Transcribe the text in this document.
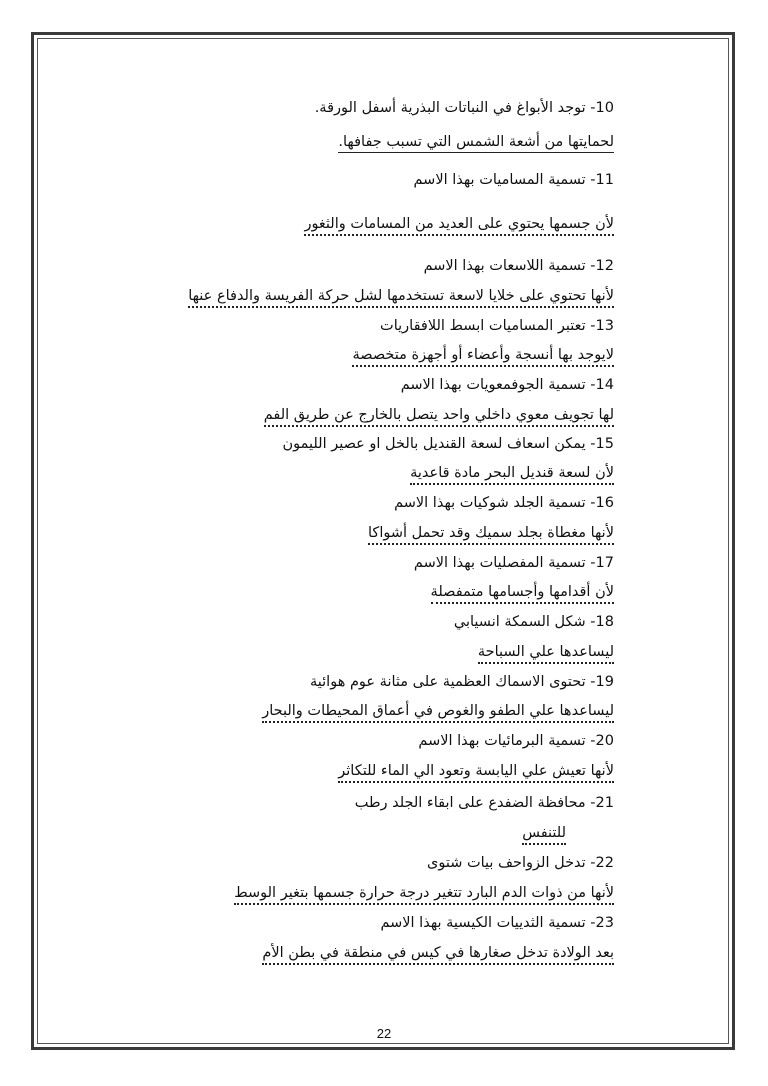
10- توجد الأبواغ في النباتات البذرية أسفل الورقة.
لحمايتها من أشعة الشمس التي تسبب جفافها.
11- تسمية المساميات بهذا الاسم
لأن جسمها يحتوي على العديد من المسامات والثغور
12- تسمية اللاسعات بهذا الاسم
لأنها تحتوي على خلايا لاسعة تستخدمها لشل حركة الفريسة والدفاع عنها
13- تعتبر المساميات ابسط اللافقاريات
لايوجد بها أنسجة وأعضاء أو أجهزة متخصصة
14- تسمية الجوفمعويات بهذا الاسم
لها تجويف معوي داخلي واحد يتصل بالخارج عن طريق الفم
15- يمكن اسعاف لسعة القنديل بالخل او عصير الليمون
لأن لسعة قنديل البحر مادة قاعدية
16- تسمية الجلد شوكيات بهذا الاسم
لأنها مغطاة بجلد سميك وقد تحمل أشواكا
17- تسمية المفصليات بهذا الاسم
لأن أقدامها وأجسامها متمفصلة
18- شكل السمكة انسيابي
ليساعدها علي السباحة
19- تحتوى الاسماك العظمية على مثانة عوم هوائية
ليساعدها علي الطفو والغوص في أعماق المحيطات والبحار
20- تسمية البرمائيات بهذا الاسم
لأنها تعيش علي اليابسة وتعود الي الماء للتكاثر
21- محافظة الضفدع على ابقاء الجلد رطب
للتنفس
22- تدخل الزواحف بيات شتوى
لأنها من ذوات الدم البارد تتغير درجة حرارة جسمها بتغير الوسط
23- تسمية الثدييات الكيسية بهذا الاسم
بعد الولادة تدخل صغارها في كيس في منطقة في بطن الأم
22
